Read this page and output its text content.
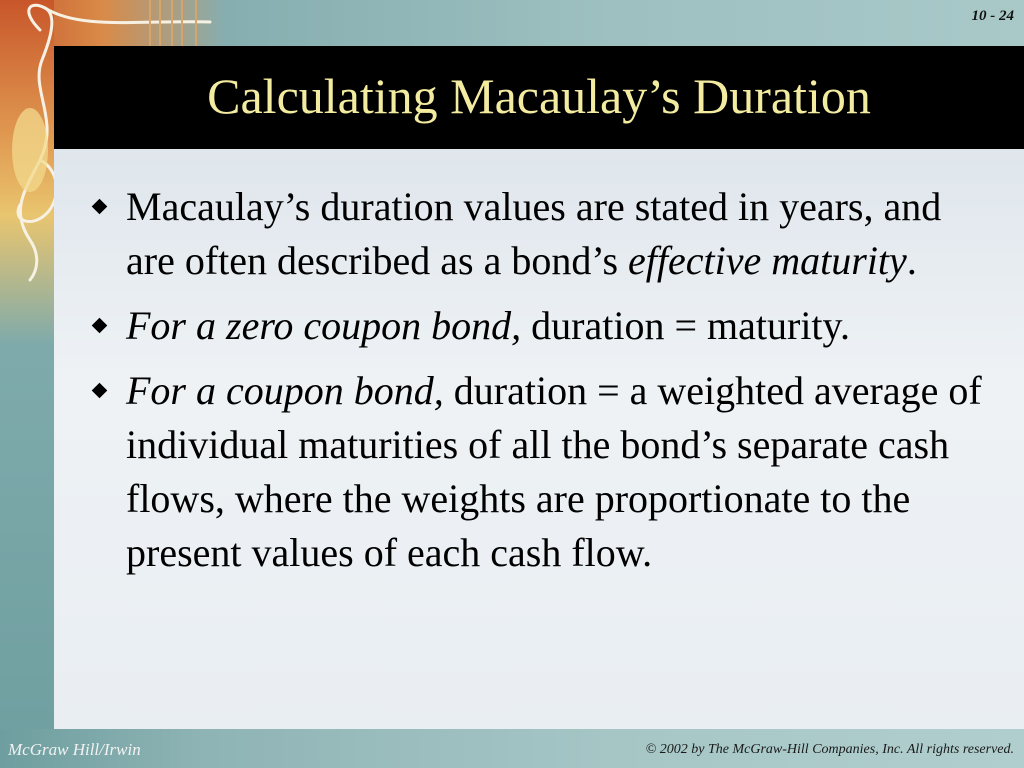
10 - 24
Calculating Macaulay’s Duration
Macaulay’s duration values are stated in years, and are often described as a bond’s effective maturity.
For a zero coupon bond, duration = maturity.
For a coupon bond, duration = a weighted average of individual maturities of all the bond’s separate cash flows, where the weights are proportionate to the present values of each cash flow.
McGraw Hill/Irwin	© 2002 by The McGraw-Hill Companies, Inc. All rights reserved.
